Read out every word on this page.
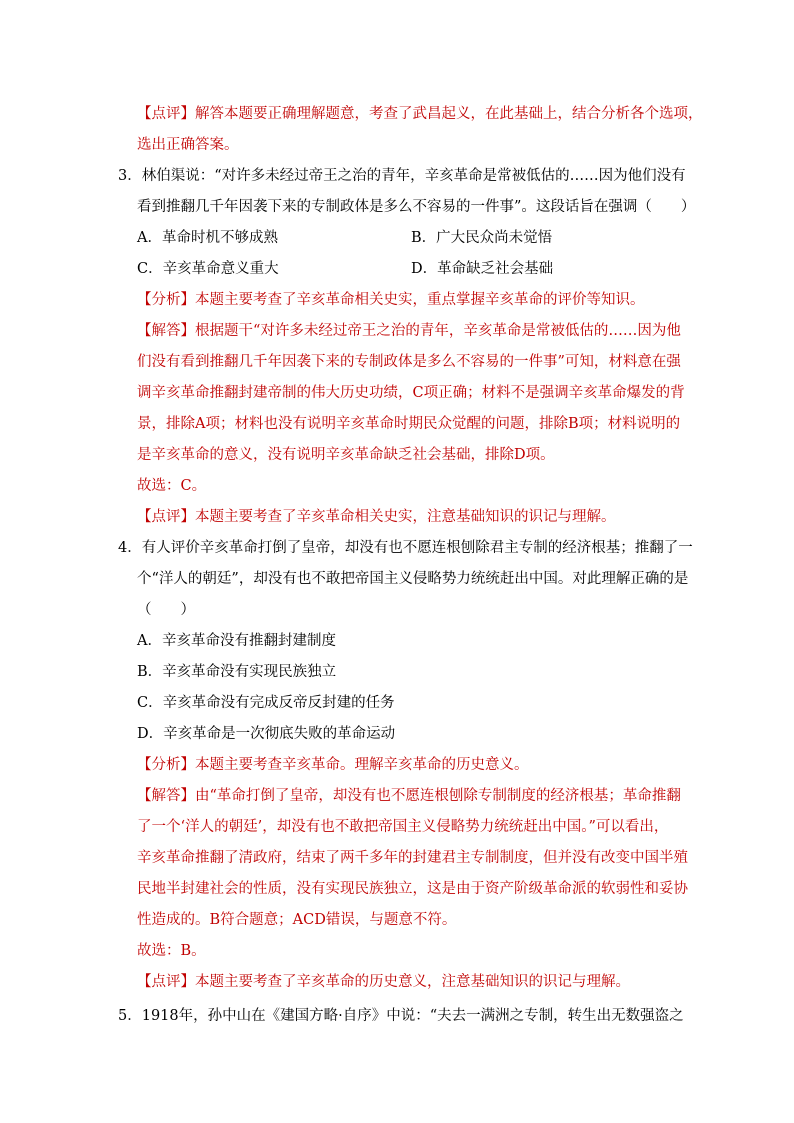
【点评】解答本题要正确理解题意，考查了武昌起义，在此基础上，结合分析各个选项，
选出正确答案。
3．林伯渠说：“对许多未经过帝王之治的青年，辛亥革命是常被低估的……因为他们没有
看到推翻几千年因袭下来的专制政体是多么不容易的一件事”。这段话旨在强调（　　）
A．革命时机不够成熟	B．广大民众尚未觉悟
C．辛亥革命意义重大	D．革命缺乏社会基础
【分析】本题主要考查了辛亥革命相关史实，重点掌握辛亥革命的评价等知识。
【解答】根据题干“对许多未经过帝王之治的青年，辛亥革命是常被低估的……因为他
们没有看到推翻几千年因袭下来的专制政体是多么不容易的一件事”可知，材料意在强
调辛亥革命推翻封建帝制的伟大历史功绩，C项正确；材料不是强调辛亥革命爆发的背
景，排除A项；材料也没有说明辛亥革命时期民众觉醒的问题，排除B项；材料说明的
是辛亥革命的意义，没有说明辛亥革命缺乏社会基础，排除D项。
故选：C。
【点评】本题主要考查了辛亥革命相关史实，注意基础知识的识记与理解。
4．有人评价辛亥革命打倒了皇帝，却没有也不愿连根刨除君主专制的经济根基；推翻了一
个“洋人的朝廷”，却没有也不敢把帝国主义侵略势力统统赶出中国。对此理解正确的是
（　　）
A．辛亥革命没有推翻封建制度
B．辛亥革命没有实现民族独立
C．辛亥革命没有完成反帝反封建的任务
D．辛亥革命是一次彻底失败的革命运动
【分析】本题主要考查辛亥革命。理解辛亥革命的历史意义。
【解答】由“革命打倒了皇帝，却没有也不愿连根刨除专制制度的经济根基；革命推翻
了一个‘洋人的朝廷’，却没有也不敢把帝国主义侵略势力统统赶出中国。”可以看出，
辛亥革命推翻了清政府，结束了两千多年的封建君主专制制度，但并没有改变中国半殖
民地半封建社会的性质，没有实现民族独立，这是由于资产阶级革命派的软弱性和妥协
性造成的。B符合题意；ACD错误，与题意不符。
故选：B。
【点评】本题主要考查了辛亥革命的历史意义，注意基础知识的识记与理解。
5．1918年，孙中山在《建国方略·自序》中说：“夫去一满洲之专制，转生出无数强盗之
